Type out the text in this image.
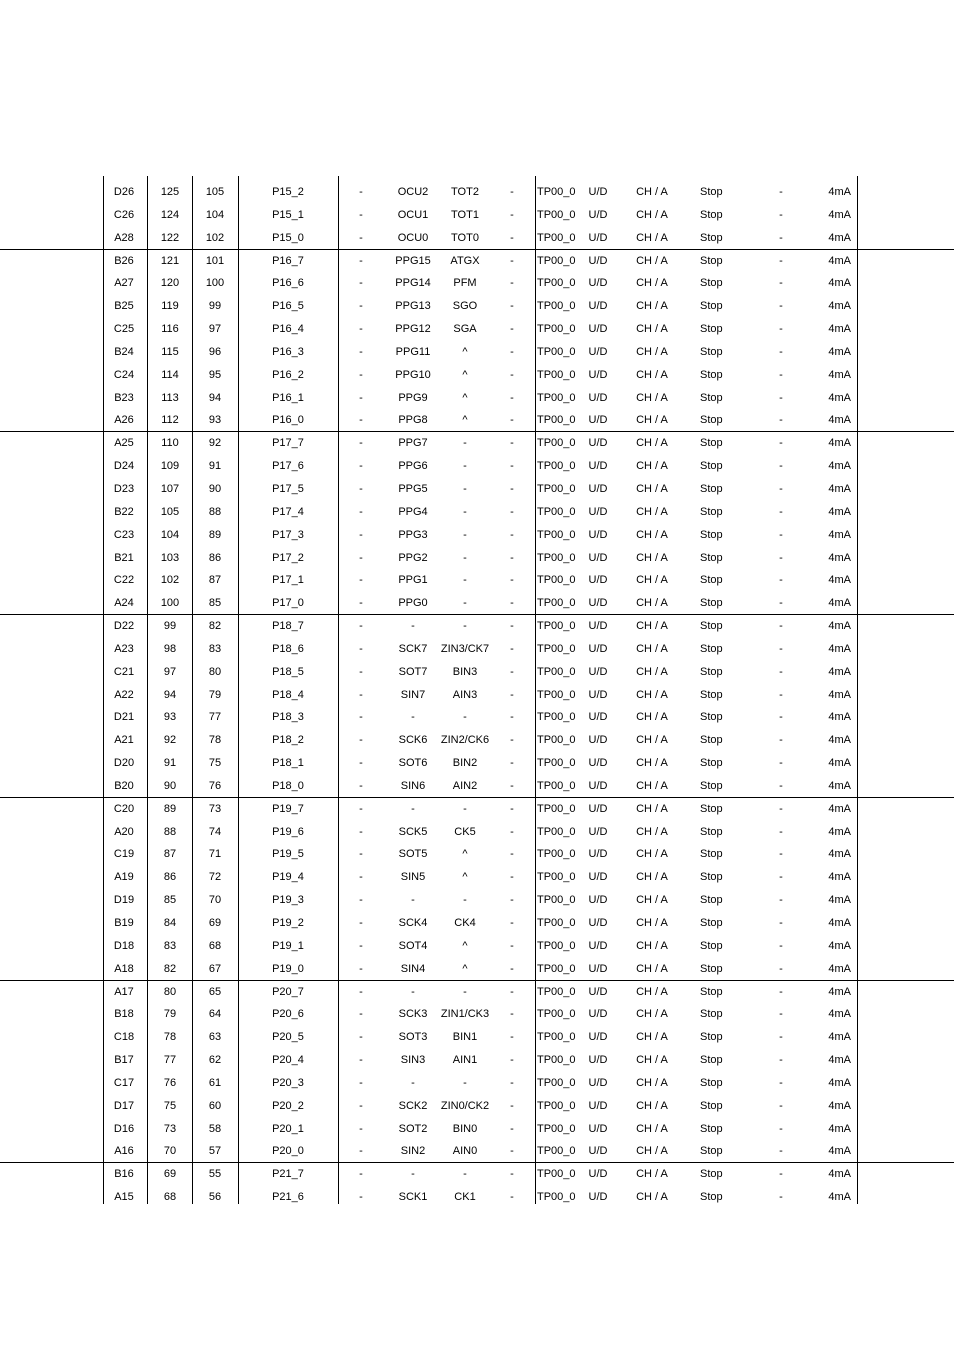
D26	125	105	P15_2	-	OCU2	TOT2	-	TP00_0	U/D	CH / A	Stop	-	4mA
C26	124	104	P15_1	-	OCU1	TOT1	-	TP00_0	U/D	CH / A	Stop	-	4mA
A28	122	102	P15_0	-	OCU0	TOT0	-	TP00_0	U/D	CH / A	Stop	-	4mA
B26	121	101	P16_7	-	PPG15	ATGX	-	TP00_0	U/D	CH / A	Stop	-	4mA
A27	120	100	P16_6	-	PPG14	PFM	-	TP00_0	U/D	CH / A	Stop	-	4mA
B25	119	99	P16_5	-	PPG13	SGO	-	TP00_0	U/D	CH / A	Stop	-	4mA
C25	116	97	P16_4	-	PPG12	SGA	-	TP00_0	U/D	CH / A	Stop	-	4mA
B24	115	96	P16_3	-	PPG11	^	-	TP00_0	U/D	CH / A	Stop	-	4mA
C24	114	95	P16_2	-	PPG10	^	-	TP00_0	U/D	CH / A	Stop	-	4mA
B23	113	94	P16_1	-	PPG9	^	-	TP00_0	U/D	CH / A	Stop	-	4mA
A26	112	93	P16_0	-	PPG8	^	-	TP00_0	U/D	CH / A	Stop	-	4mA
A25	110	92	P17_7	-	PPG7	-	-	TP00_0	U/D	CH / A	Stop	-	4mA
D24	109	91	P17_6	-	PPG6	-	-	TP00_0	U/D	CH / A	Stop	-	4mA
D23	107	90	P17_5	-	PPG5	-	-	TP00_0	U/D	CH / A	Stop	-	4mA
B22	105	88	P17_4	-	PPG4	-	-	TP00_0	U/D	CH / A	Stop	-	4mA
C23	104	89	P17_3	-	PPG3	-	-	TP00_0	U/D	CH / A	Stop	-	4mA
B21	103	86	P17_2	-	PPG2	-	-	TP00_0	U/D	CH / A	Stop	-	4mA
C22	102	87	P17_1	-	PPG1	-	-	TP00_0	U/D	CH / A	Stop	-	4mA
A24	100	85	P17_0	-	PPG0	-	-	TP00_0	U/D	CH / A	Stop	-	4mA
D22	99	82	P18_7	-	-	-	-	TP00_0	U/D	CH / A	Stop	-	4mA
A23	98	83	P18_6	-	SCK7	ZIN3/CK7	-	TP00_0	U/D	CH / A	Stop	-	4mA
C21	97	80	P18_5	-	SOT7	BIN3	-	TP00_0	U/D	CH / A	Stop	-	4mA
A22	94	79	P18_4	-	SIN7	AIN3	-	TP00_0	U/D	CH / A	Stop	-	4mA
D21	93	77	P18_3	-	-	-	-	TP00_0	U/D	CH / A	Stop	-	4mA
A21	92	78	P18_2	-	SCK6	ZIN2/CK6	-	TP00_0	U/D	CH / A	Stop	-	4mA
D20	91	75	P18_1	-	SOT6	BIN2	-	TP00_0	U/D	CH / A	Stop	-	4mA
B20	90	76	P18_0	-	SIN6	AIN2	-	TP00_0	U/D	CH / A	Stop	-	4mA
C20	89	73	P19_7	-	-	-	-	TP00_0	U/D	CH / A	Stop	-	4mA
A20	88	74	P19_6	-	SCK5	CK5	-	TP00_0	U/D	CH / A	Stop	-	4mA
C19	87	71	P19_5	-	SOT5	^	-	TP00_0	U/D	CH / A	Stop	-	4mA
A19	86	72	P19_4	-	SIN5	^	-	TP00_0	U/D	CH / A	Stop	-	4mA
D19	85	70	P19_3	-	-	-	-	TP00_0	U/D	CH / A	Stop	-	4mA
B19	84	69	P19_2	-	SCK4	CK4	-	TP00_0	U/D	CH / A	Stop	-	4mA
D18	83	68	P19_1	-	SOT4	^	-	TP00_0	U/D	CH / A	Stop	-	4mA
A18	82	67	P19_0	-	SIN4	^	-	TP00_0	U/D	CH / A	Stop	-	4mA
A17	80	65	P20_7	-	-	-	-	TP00_0	U/D	CH / A	Stop	-	4mA
B18	79	64	P20_6	-	SCK3	ZIN1/CK3	-	TP00_0	U/D	CH / A	Stop	-	4mA
C18	78	63	P20_5	-	SOT3	BIN1	-	TP00_0	U/D	CH / A	Stop	-	4mA
B17	77	62	P20_4	-	SIN3	AIN1	-	TP00_0	U/D	CH / A	Stop	-	4mA
C17	76	61	P20_3	-	-	-	-	TP00_0	U/D	CH / A	Stop	-	4mA
D17	75	60	P20_2	-	SCK2	ZIN0/CK2	-	TP00_0	U/D	CH / A	Stop	-	4mA
D16	73	58	P20_1	-	SOT2	BIN0	-	TP00_0	U/D	CH / A	Stop	-	4mA
A16	70	57	P20_0	-	SIN2	AIN0	-	TP00_0	U/D	CH / A	Stop	-	4mA
B16	69	55	P21_7	-	-	-	-	TP00_0	U/D	CH / A	Stop	-	4mA
A15	68	56	P21_6	-	SCK1	CK1	-	TP00_0	U/D	CH / A	Stop	-	4mA
